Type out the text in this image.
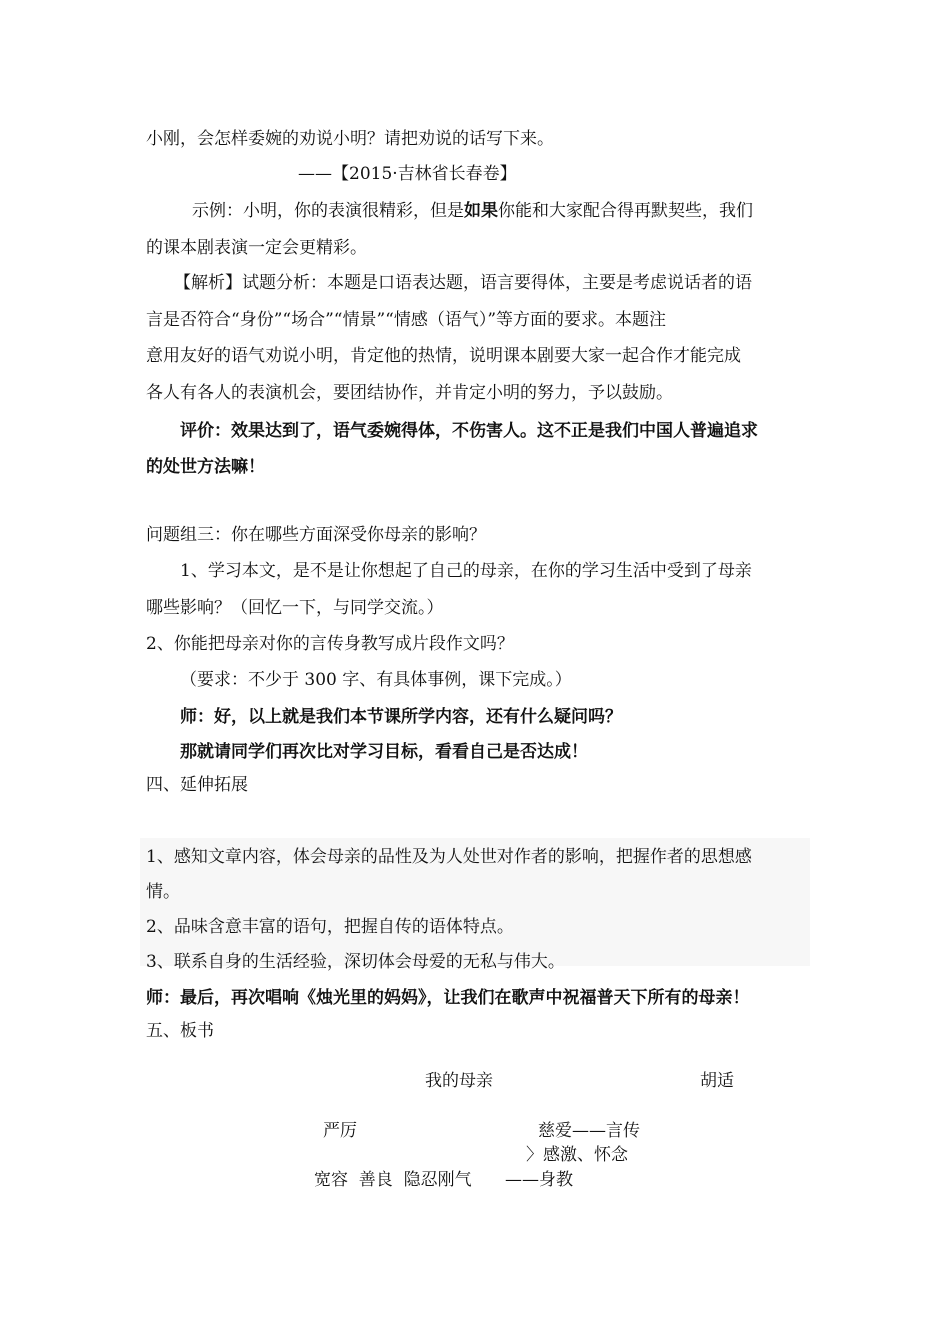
小刚，会怎样委婉的劝说小明？请把劝说的话写下来。
——【2015·吉林省长春卷】
示例：小明，你的表演很精彩，但是如果你能和大家配合得再默契些，我们
的课本剧表演一定会更精彩。
【解析】试题分析：本题是口语表达题，语言要得体，主要是考虑说话者的语
言是否符合“身份”“场合”“情景”“情感（语气）”等方面的要求。本题注
意用友好的语气劝说小明，肯定他的热情，说明课本剧要大家一起合作才能完成
各人有各人的表演机会，要团结协作，并肯定小明的努力，予以鼓励。
评价：效果达到了，语气委婉得体，不伤害人。这不正是我们中国人普遍追求
的处世方法嘛！
问题组三：你在哪些方面深受你母亲的影响？
1、学习本文，是不是让你想起了自己的母亲，在你的学习生活中受到了母亲
哪些影响？（回忆一下，与同学交流。）
2、你能把母亲对你的言传身教写成片段作文吗？
（要求：不少于 300 字、有具体事例，课下完成。）
师：好，以上就是我们本节课所学内容，还有什么疑问吗？
那就请同学们再次比对学习目标，看看自己是否达成！
四、延伸拓展
1、感知文章内容，体会母亲的品性及为人处世对作者的影响，把握作者的思想感
情。
2、品味含意丰富的语句，把握自传的语体特点。
3、联系自身的生活经验，深切体会母爱的无私与伟大。
师：最后，再次唱响《烛光里的妈妈》，让我们在歌声中祝福普天下所有的母亲！
五、板书
我的母亲	胡适
严厉	慈爱——言传
〉感激、怀念
宽容  善良  隐忍刚气 ——身教
